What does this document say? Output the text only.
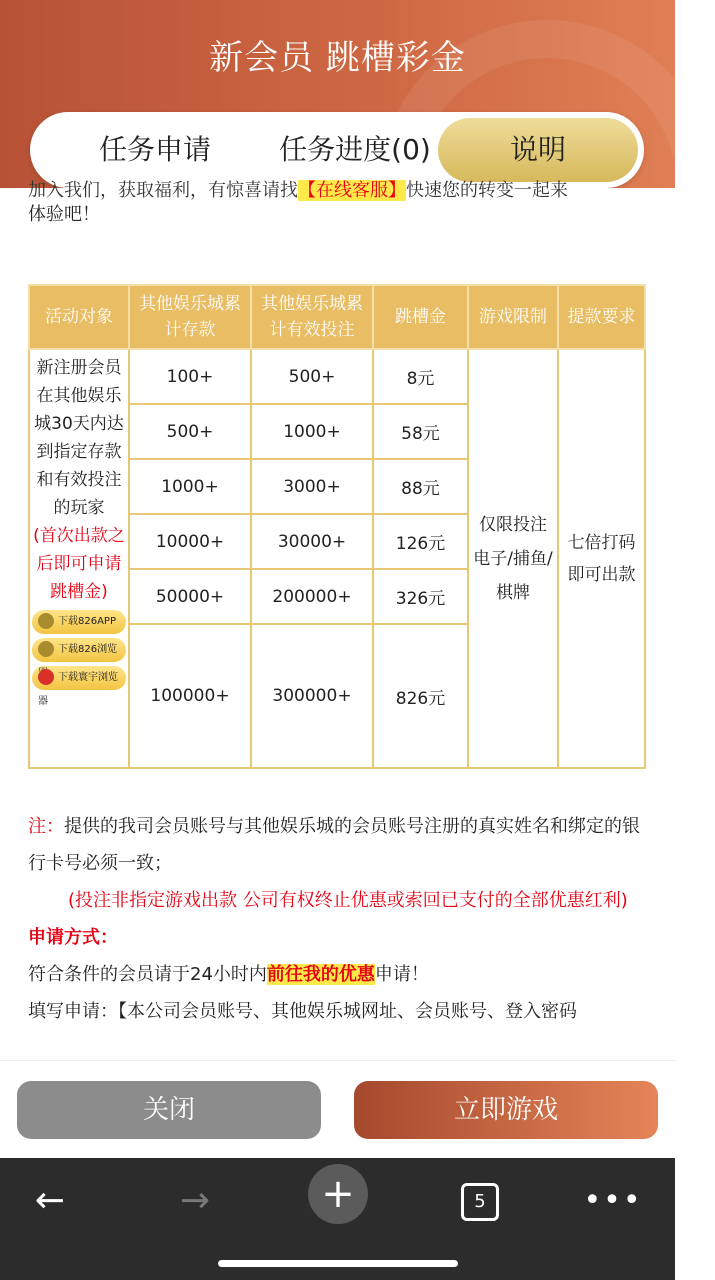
新会员 跳槽彩金
任务申请	任务进度(0)	说明
加入我们，获取福利，有惊喜请找【在线客服】快速您的转变一起来
体验吧！
活动对象	其他娱乐城累计存款	其他娱乐城累计有效投注	跳槽金	游戏限制	提款要求

新注册会员在其他娱乐城30天内达到指定存款和有效投注的玩家
(首次出款之后即可申请跳槽金)
下载826APP
下载826浏览
下载寰宇浏览器	100+	500+	8元	仅限投注电子/捕鱼/棋牌	七倍打码即可出款
	500+	1000+	58元		
	1000+	3000+	88元		
	10000+	30000+	126元		
	50000+	200000+	326元		
	100000+	300000+	826元		

注：提供的我司会员账号与其他娱乐城的会员账号注册的真实姓名和绑定的银行卡号必须一致；

(投注非指定游戏出款 公司有权终止优惠或索回已支付的全部优惠红利)

申请方式：

符合条件的会员请于24小时内前往我的优惠申请！

填写申请：【本公司会员账号、其他娱乐城网址、会员账号、登入密码

关闭	立即游戏
←	→	+	5	•••
